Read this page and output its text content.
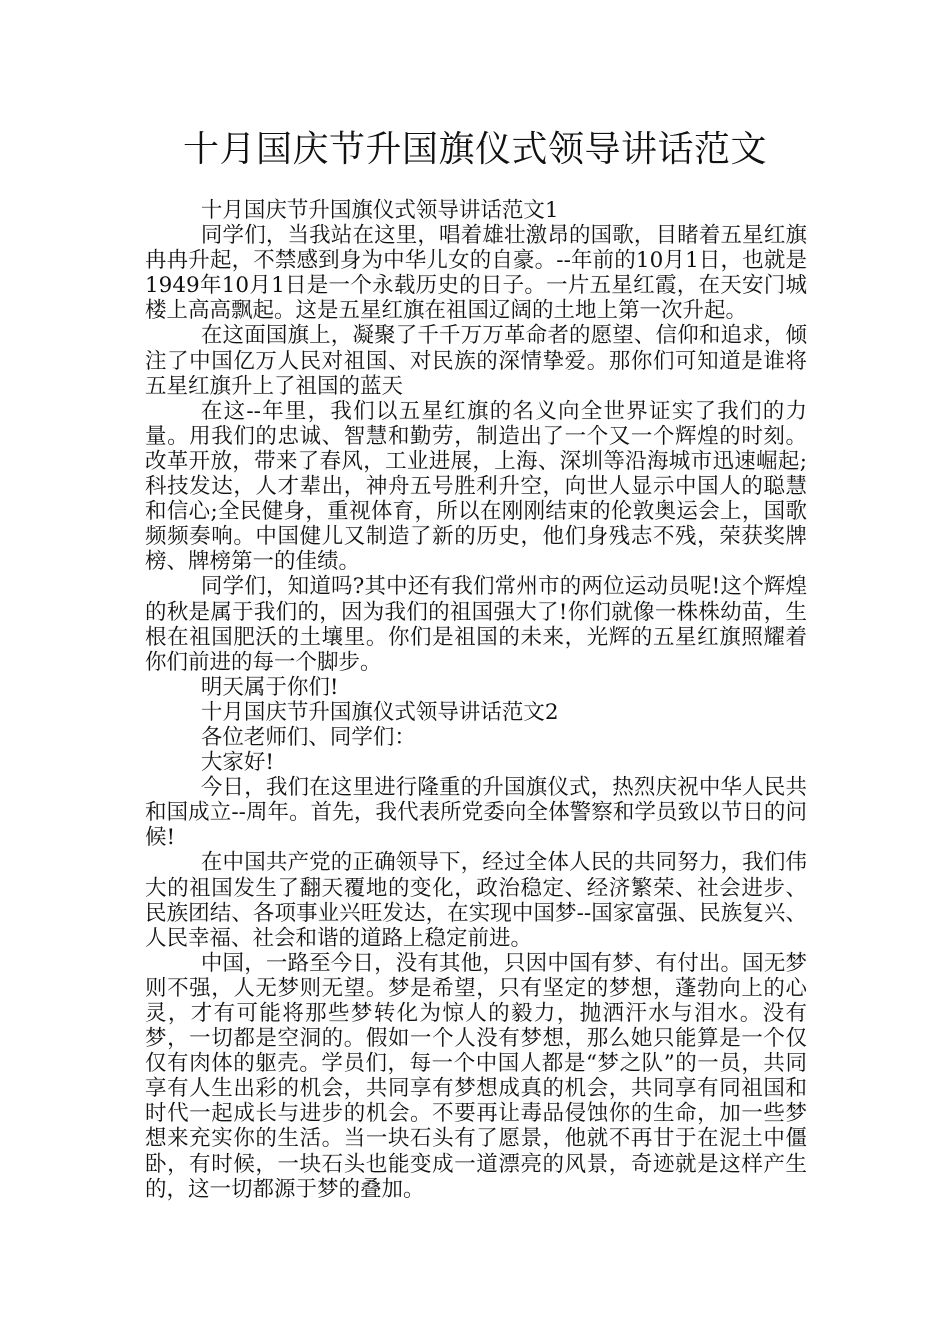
十月国庆节升国旗仪式领导讲话范文

十月国庆节升国旗仪式领导讲话范文1

同学们，当我站在这里，唱着雄壮激昂的国歌，目睹着五星红旗冉冉升起，不禁感到身为中华儿女的自豪。--年前的10月1日，也就是1949年10月1日是一个永载历史的日子。一片五星红霞，在天安门城楼上高高飘起。这是五星红旗在祖国辽阔的土地上第一次升起。

在这面国旗上，凝聚了千千万万革命者的愿望、信仰和追求，倾注了中国亿万人民对祖国、对民族的深情挚爱。那你们可知道是谁将五星红旗升上了祖国的蓝天

在这--年里，我们以五星红旗的名义向全世界证实了我们的力量。用我们的忠诚、智慧和勤劳，制造出了一个又一个辉煌的时刻。改革开放，带来了春风，工业进展，上海、深圳等沿海城市迅速崛起;科技发达，人才辈出，神舟五号胜利升空，向世人显示中国人的聪慧和信心;全民健身，重视体育，所以在刚刚结束的伦敦奥运会上，国歌频频奏响。中国健儿又制造了新的历史，他们身残志不残，荣获奖牌榜、牌榜第一的佳绩。

同学们，知道吗?其中还有我们常州市的两位运动员呢!这个辉煌的秋是属于我们的，因为我们的祖国强大了!你们就像一株株幼苗，生根在祖国肥沃的土壤里。你们是祖国的未来，光辉的五星红旗照耀着你们前进的每一个脚步。

明天属于你们!

十月国庆节升国旗仪式领导讲话范文2

各位老师们、同学们：

大家好!

今日，我们在这里进行隆重的升国旗仪式，热烈庆祝中华人民共和国成立--周年。首先，我代表所党委向全体警察和学员致以节日的问候!

在中国共产党的正确领导下，经过全体人民的共同努力，我们伟大的祖国发生了翻天覆地的变化，政治稳定、经济繁荣、社会进步、民族团结、各项事业兴旺发达，在实现中国梦--国家富强、民族复兴、人民幸福、社会和谐的道路上稳定前进。

中国，一路至今日，没有其他，只因中国有梦、有付出。国无梦则不强，人无梦则无望。梦是希望，只有坚定的梦想，蓬勃向上的心灵，才有可能将那些梦转化为惊人的毅力，抛洒汗水与泪水。没有梦，一切都是空洞的。假如一个人没有梦想，那么她只能算是一个仅仅有肉体的躯壳。学员们，每一个中国人都是“梦之队”的一员，共同享有人生出彩的机会，共同享有梦想成真的机会，共同享有同祖国和时代一起成长与进步的机会。不要再让毒品侵蚀你的生命，加一些梦想来充实你的生活。当一块石头有了愿景，他就不再甘于在泥土中僵卧，有时候，一块石头也能变成一道漂亮的风景，奇迹就是这样产生的，这一切都源于梦的叠加。
